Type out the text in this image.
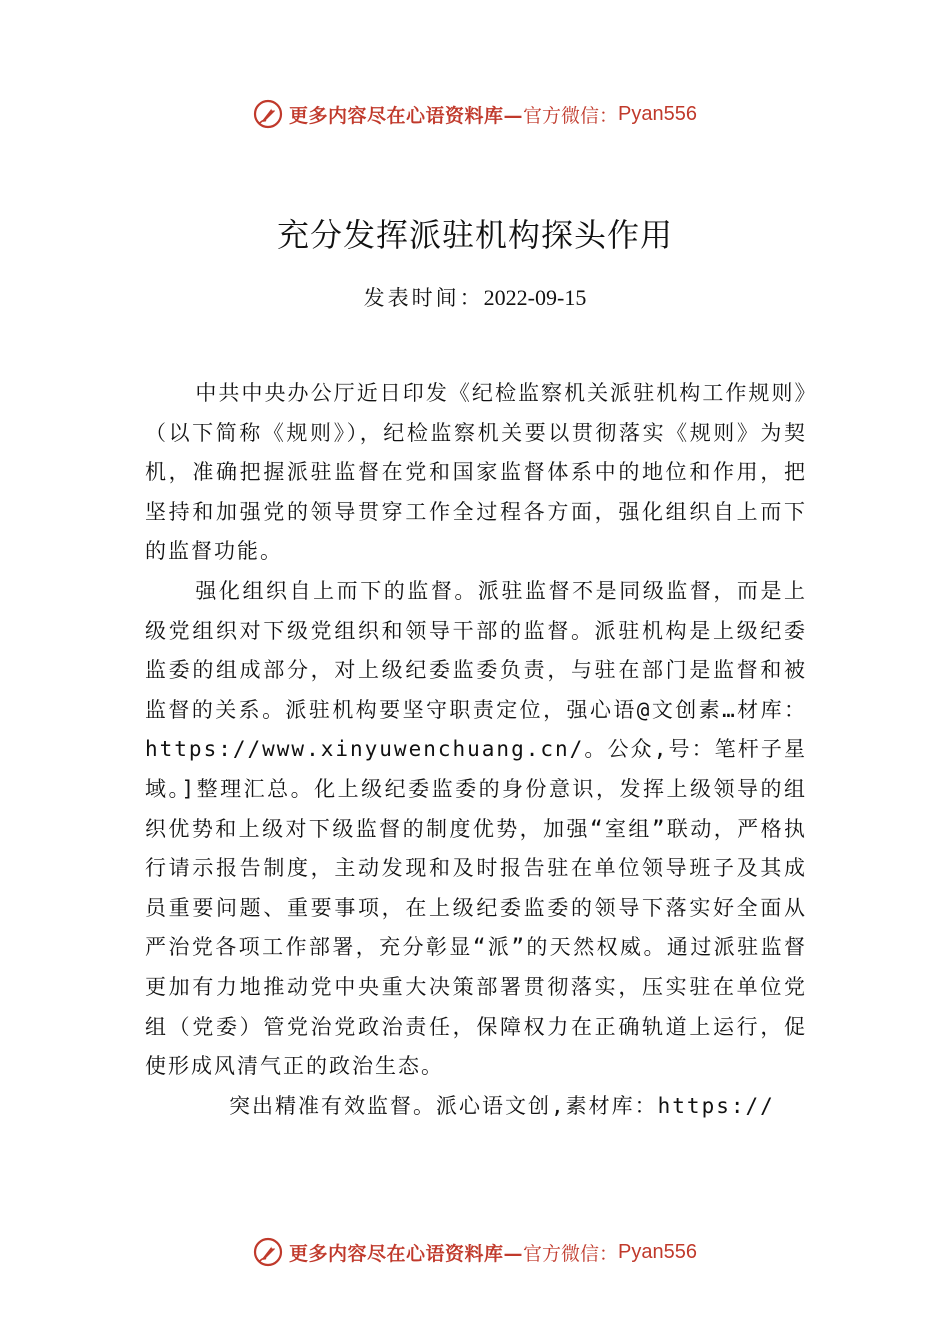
更多内容尽在心语资料库— 官方微信： Pyan556
充分发挥派驻机构探头作用
发表时间：2022-09-15

中共中央办公厅近日印发《纪检监察机关派驻机构工作规则》（以下简称《规则》），纪检监察机关要以贯彻落实《规则》为契机，准确把握派驻监督在党和国家监督体系中的地位和作用，把坚持和加强党的领导贯穿工作全过程各方面，强化组织自上而下的监督功能。

强化组织自上而下的监督。派驻监督不是同级监督，而是上级党组织对下级党组织和领导干部的监督。派驻机构是上级纪委监委的组成部分，对上级纪委监委负责，与驻在部门是监督和被监督的关系。派驻机构要坚守职责定位，强心语@文创素…材库：https://www.xinyuwenchuang.cn/。公众,号：笔杆子星域。]整理汇总。化上级纪委监委的身份意识，发挥上级领导的组织优势和上级对下级监督的制度优势，加强“室组”联动，严格执行请示报告制度，主动发现和及时报告驻在单位领导班子及其成员重要问题、重要事项，在上级纪委监委的领导下落实好全面从严治党各项工作部署，充分彰显“派”的天然权威。通过派驻监督更加有力地推动党中央重大决策部署贯彻落实，压实驻在单位党组（党委）管党治党政治责任，保障权力在正确轨道上运行，促使形成风清气正的政治生态。

突出精准有效监督。派心语文创,素材库：https://

更多内容尽在心语资料库— 官方微信： Pyan556
